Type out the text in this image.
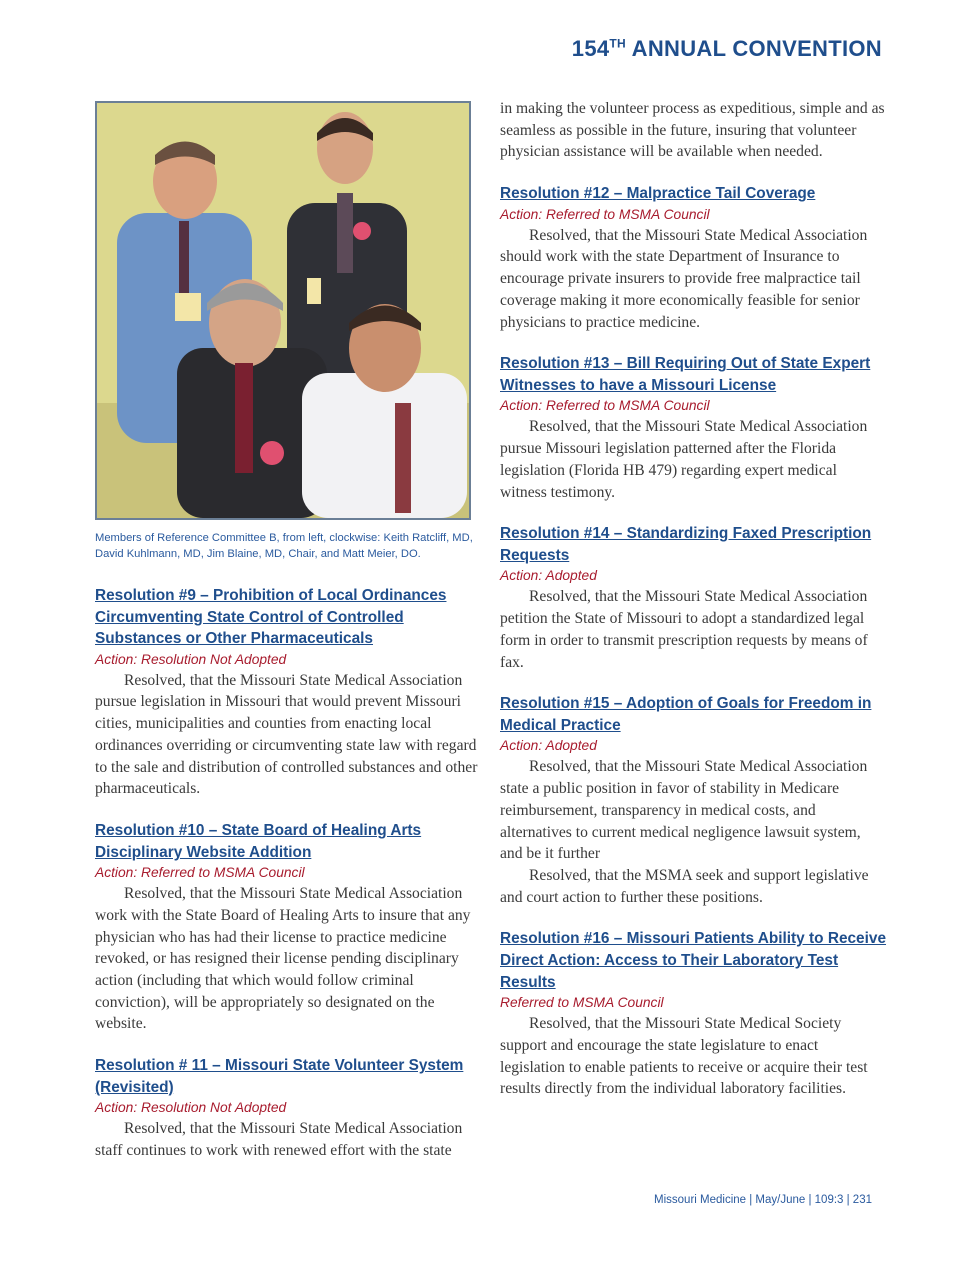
154TH ANNUAL CONVENTION
Members of Reference Committee B, from left, clockwise: Keith Ratcliff, MD, David Kuhlmann, MD, Jim Blaine, MD, Chair, and Matt Meier, DO.
Resolution #9 – Prohibition of Local Ordinances Circumventing State Control of Controlled Substances or Other Pharmaceuticals
Action: Resolution Not Adopted

Resolved, that the Missouri State Medical Association pursue legislation in Missouri that would prevent Missouri cities, municipalities and counties from enacting local ordinances overriding or circumventing state law with regard to the sale and distribution of controlled substances and other pharmaceuticals.

Resolution #10 – State Board of Healing Arts Disciplinary Website Addition
Action: Referred to MSMA Council

Resolved, that the Missouri State Medical Association work with the State Board of Healing Arts to insure that any physician who has had their license to practice medicine revoked, or has resigned their license pending disciplinary action (including that which would follow criminal conviction), will be appropriately so designated on the website.

Resolution # 11 – Missouri State Volunteer System (Revisited)
Action: Resolution Not Adopted

Resolved, that the Missouri State Medical Association staff continues to work with renewed effort with the state

in making the volunteer process as expeditious, simple and as seamless as possible in the future, insuring that volunteer physician assistance will be available when needed.

Resolution #12 – Malpractice Tail Coverage
Action: Referred to MSMA Council

Resolved, that the Missouri State Medical Association should work with the state Department of Insurance to encourage private insurers to provide free malpractice tail coverage making it more economically feasible for senior physicians to practice medicine.

Resolution #13 – Bill Requiring Out of State Expert Witnesses to have a Missouri License
Action: Referred to MSMA Council

Resolved, that the Missouri State Medical Association pursue Missouri legislation patterned after the Florida legislation (Florida HB 479) regarding expert medical witness testimony.

Resolution #14 – Standardizing Faxed Prescription Requests
Action: Adopted

Resolved, that the Missouri State Medical Association petition the State of Missouri to adopt a standardized legal form in order to transmit prescription requests by means of fax.

Resolution #15 – Adoption of Goals for Freedom in Medical Practice
Action: Adopted

Resolved, that the Missouri State Medical Association state a public position in favor of stability in Medicare reimbursement, transparency in medical costs, and alternatives to current medical negligence lawsuit system, and be it further

Resolved, that the MSMA seek and support legislative and court action to further these positions.

Resolution #16 – Missouri Patients Ability to Receive Direct Action: Access to Their Laboratory Test Results
Referred to MSMA Council

Resolved, that the Missouri State Medical Society support and encourage the state legislature to enact legislation to enable patients to receive or acquire their test results directly from the individual laboratory facilities.

Missouri Medicine | May/June | 109:3 | 231
